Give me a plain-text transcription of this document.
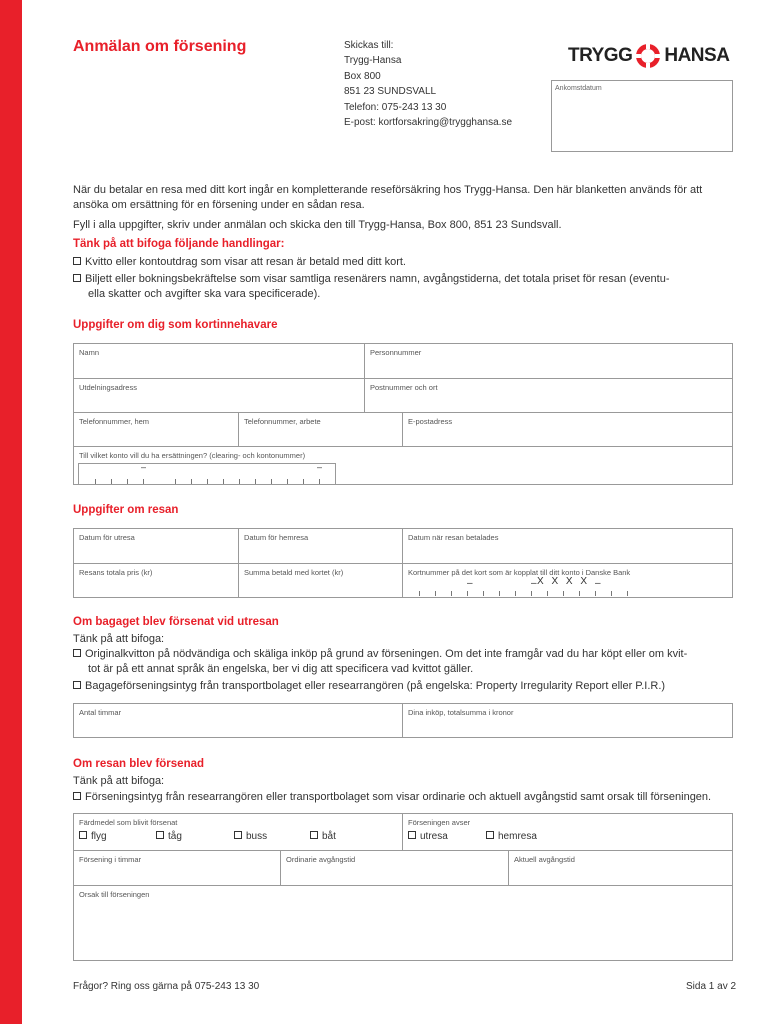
Anmälan om försening	Skickas till:
Trygg-Hansa
Box 800
851 23 SUNDSVALL
Telefon: 075-243 13 30
E-post: kortforsakring@trygghansa.se
TRYGG HANSA
Ankomstdatum
När du betalar en resa med ditt kort ingår en kompletterande reseförsäkring hos Trygg-Hansa. Den här blanketten används för att ansöka om ersättning för en försening under en sådan resa.
Fyll i alla uppgifter, skriv under anmälan och skicka den till Trygg-Hansa, Box 800, 851 23 Sundsvall.
Tänk på att bifoga följande handlingar:
Kvitto eller kontoutdrag som visar att resan är betald med ditt kort.
Biljett eller bokningsbekräftelse som visar samtliga resenärers namn, avgångstiderna, det totala priset för resan (eventu-
ella skatter och avgifter ska vara specificerade).
Uppgifter om dig som kortinnehavare
Namn	Personnummer
Utdelningsadress	Postnummer och ort
Telefonnummer, hem	Telefonnummer, arbete	E-postadress
Till vilket konto vill du ha ersättningen? (clearing- och kontonummer)
–	–
Uppgifter om resan
Datum för utresa	Datum för hemresa	Datum när resan betalades
Resans totala pris (kr)	Summa betald med kortet (kr)	Kortnummer på det kort som är kopplat till ditt konto i Danske Bank
–	– X X X X –
Om bagaget blev försenat vid utresan
Tänk på att bifoga:
Originalkvitton på nödvändiga och skäliga inköp på grund av förseningen. Om det inte framgår vad du har köpt eller om kvit-
tot är på ett annat språk än engelska, ber vi dig att specificera vad kvittot gäller.
Bagageförseningsintyg från transportbolaget eller researrangören (på engelska: Property Irregularity Report eller P.I.R.)
Antal timmar	Dina inköp, totalsumma i kronor
Om resan blev försenad
Tänk på att bifoga:
Förseningsintyg från researrangören eller transportbolaget som visar ordinarie och aktuell avgångstid samt orsak till förseningen.
Färdmedel som blivit försenat
flyg	tåg	buss	båt
Förseningen avser
utresa	hemresa
Försening i timmar	Ordinarie avgångstid	Aktuell avgångstid
Orsak till förseningen
Frågor? Ring oss gärna på 075-243 13 30	Sida 1 av 2
